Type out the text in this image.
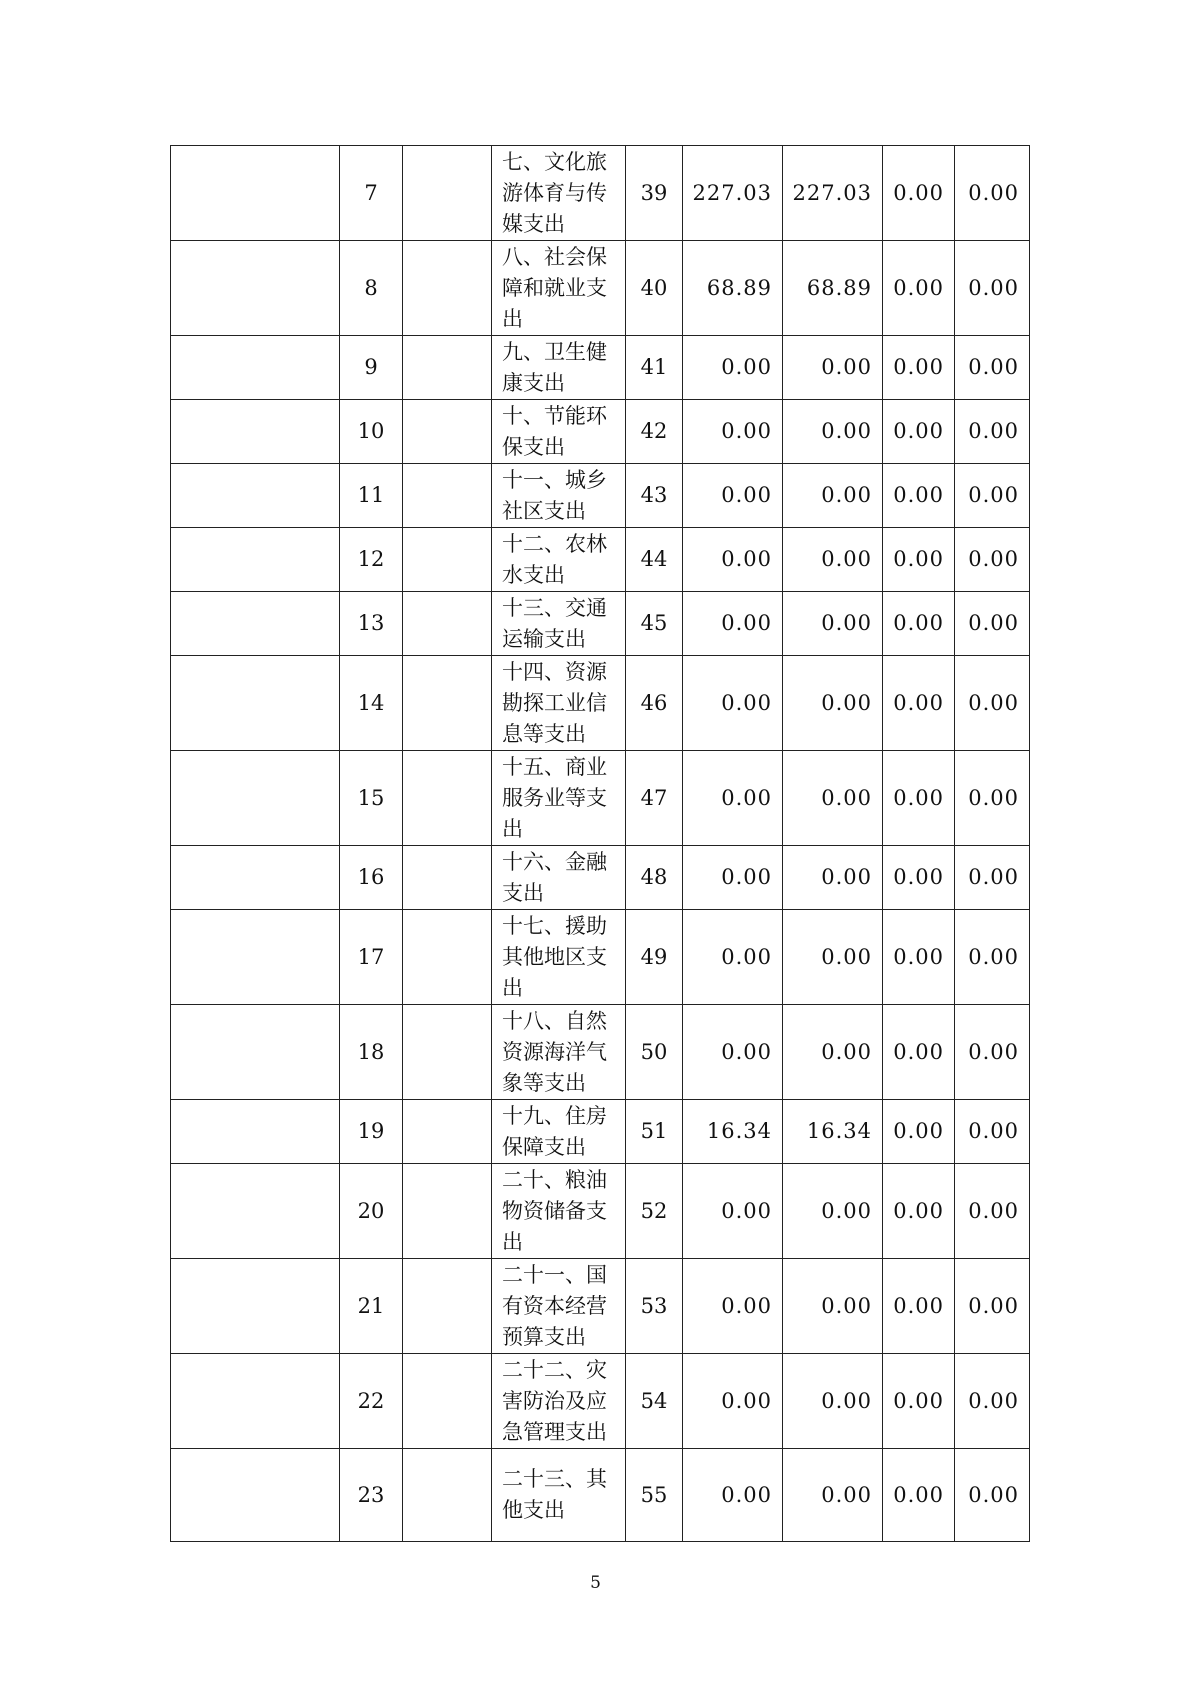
	7		七、文化旅游体育与传媒支出	39	227.03	227.03	0.00	0.00
	8		八、社会保障和就业支出	40	68.89	68.89	0.00	0.00
	9		九、卫生健康支出	41	0.00	0.00	0.00	0.00
	10		十、节能环保支出	42	0.00	0.00	0.00	0.00
	11		十一、城乡社区支出	43	0.00	0.00	0.00	0.00
	12		十二、农林水支出	44	0.00	0.00	0.00	0.00
	13		十三、交通运输支出	45	0.00	0.00	0.00	0.00
	14		十四、资源勘探工业信息等支出	46	0.00	0.00	0.00	0.00
	15		十五、商业服务业等支出	47	0.00	0.00	0.00	0.00
	16		十六、金融支出	48	0.00	0.00	0.00	0.00
	17		十七、援助其他地区支出	49	0.00	0.00	0.00	0.00
	18		十八、自然资源海洋气象等支出	50	0.00	0.00	0.00	0.00
	19		十九、住房保障支出	51	16.34	16.34	0.00	0.00
	20		二十、粮油物资储备支出	52	0.00	0.00	0.00	0.00
	21		二十一、国有资本经营预算支出	53	0.00	0.00	0.00	0.00
	22		二十二、灾害防治及应急管理支出	54	0.00	0.00	0.00	0.00
	23		二十三、其他支出	55	0.00	0.00	0.00	0.00
5
